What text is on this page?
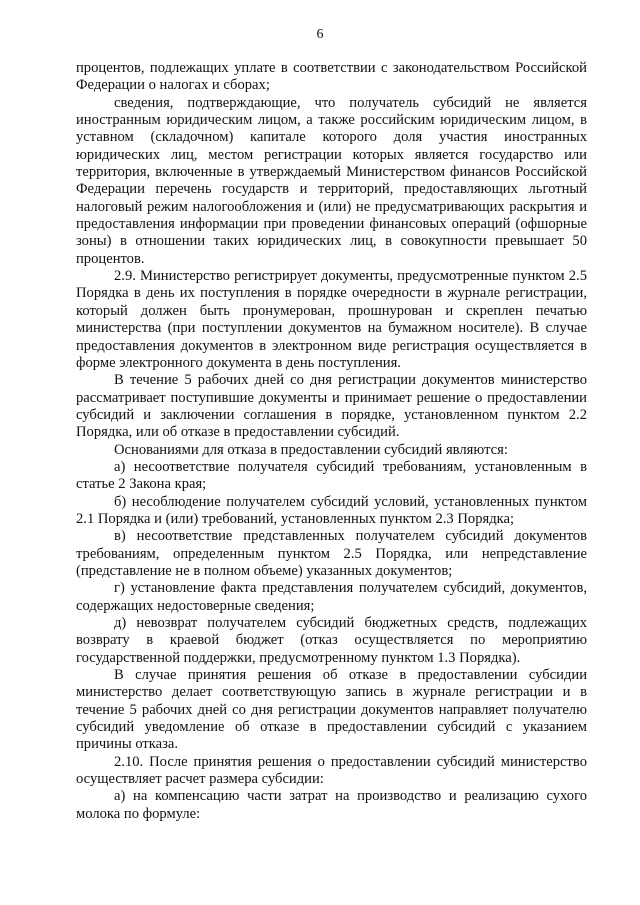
6

процентов, подлежащих уплате в соответствии с законодательством Российской Федерации о налогах и сборах;

сведения, подтверждающие, что получатель субсидий не является иностранным юридическим лицом, а также российским юридическим лицом, в уставном (складочном) капитале которого доля участия иностранных юридических лиц, местом регистрации которых является государство или территория, включенные в утверждаемый Министерством финансов Российской Федерации перечень государств и территорий, предоставляющих льготный налоговый режим налогообложения и (или) не предусматривающих раскрытия и предоставления информации при проведении финансовых операций (офшорные зоны) в отношении таких юридических лиц, в совокупности превышает 50 процентов.

2.9. Министерство регистрирует документы, предусмотренные пунктом 2.5 Порядка в день их поступления в порядке очередности в журнале регистрации, который должен быть пронумерован, прошнурован и скреплен печатью министерства (при поступлении документов на бумажном носителе). В случае предоставления документов в электронном виде регистрация осуществляется в форме электронного документа в день поступления.

В течение 5 рабочих дней со дня регистрации документов министерство рассматривает поступившие документы и принимает решение о предоставлении субсидий и заключении соглашения в порядке, установленном пунктом 2.2 Порядка, или об отказе в предоставлении субсидий.

Основаниями для отказа в предоставлении субсидий являются:

а) несоответствие получателя субсидий требованиям, установленным в статье 2 Закона края;

б) несоблюдение получателем субсидий условий, установленных пунктом 2.1 Порядка и (или) требований, установленных пунктом 2.3 Порядка;

в) несоответствие представленных получателем субсидий документов требованиям, определенным пунктом 2.5 Порядка, или непредставление (представление не в полном объеме) указанных документов;

г) установление факта представления получателем субсидий, документов, содержащих недостоверные сведения;

д) невозврат получателем субсидий бюджетных средств, подлежащих возврату в краевой бюджет (отказ осуществляется по мероприятию государственной поддержки, предусмотренному пунктом 1.3 Порядка).

В случае принятия решения об отказе в предоставлении субсидии министерство делает соответствующую запись в журнале регистрации и в течение 5 рабочих дней со дня регистрации документов направляет получателю субсидий уведомление об отказе в предоставлении субсидий с указанием причины отказа.

2.10. После принятия решения о предоставлении субсидий министерство осуществляет расчет размера субсидии:

а) на компенсацию части затрат на производство и реализацию сухого молока по формуле:
